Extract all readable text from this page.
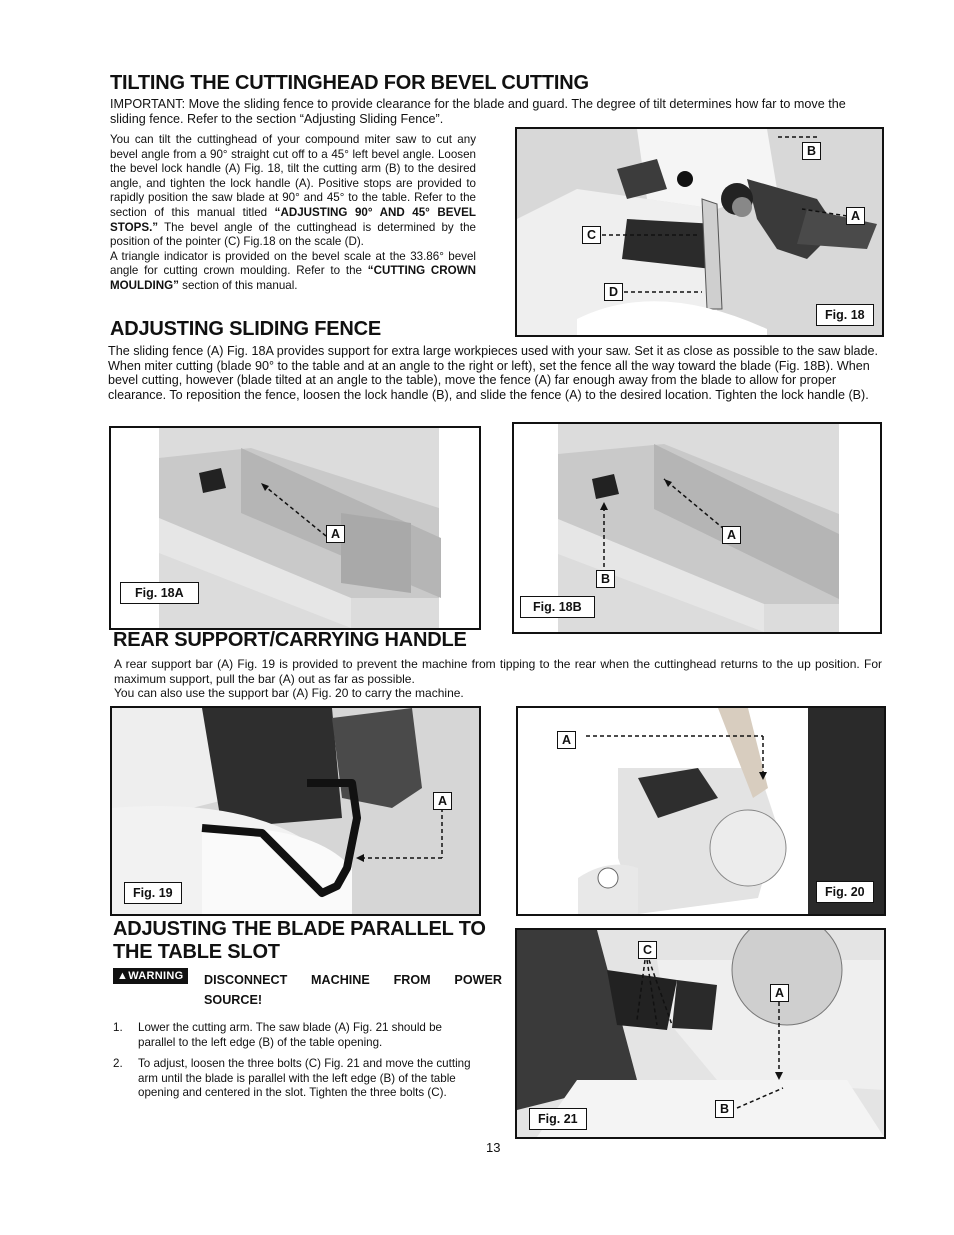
TILTING THE CUTTINGHEAD FOR BEVEL CUTTING

IMPORTANT: Move the sliding fence to provide clearance for the blade and guard. The degree of tilt determines how far to move the sliding fence. Refer to the section “Adjusting Sliding Fence”.

You can tilt the cuttinghead of your compound miter saw to cut any bevel angle from a 90° straight cut off to a 45° left bevel angle. Loosen the bevel lock handle (A) Fig. 18, tilt the cutting arm (B) to the desired angle, and tighten the lock handle (A). Positive stops are provided to rapidly position the saw blade at 90° and 45° to the table. Refer to the section of this manual titled “ADJUSTING 90° AND 45° BEVEL STOPS.” The bevel angle of the cuttinghead is determined by the position of the pointer (C) Fig.18 on the scale (D).
A triangle indicator is provided on the bevel scale at the 33.86° bevel angle for cutting crown moulding. Refer to the “CUTTING CROWN MOULDING” section of this manual.
B
A
C
D
Fig. 18
ADJUSTING SLIDING FENCE

The sliding fence (A) Fig. 18A provides support for extra large workpieces used with your saw. Set it as close as possible to the saw blade. When miter cutting (blade 90° to the table and at an angle to the right or left), set the fence all the way toward the blade (Fig. 18B). When bevel cutting, however (blade tilted at an angle to the table), move the fence (A) far enough away from the blade to allow for proper clearance. To reposition the fence, loosen the lock handle (B), and slide the fence (A) to the desired location. Tighten the lock handle (B).

A
Fig. 18A
A
B
Fig. 18B
REAR SUPPORT/CARRYING HANDLE
A rear support bar (A) Fig. 19 is provided to prevent the machine from tipping to the rear when the cuttinghead returns to the up position. For maximum support, pull the bar (A) out as far as possible.
You can also use the support bar (A) Fig. 20 to carry the machine.
A
Fig. 19
A
Fig. 20
ADJUSTING THE BLADE PARALLEL TO
THE TABLE SLOT
▲WARNING	DISCONNECT MACHINE FROM POWER SOURCE!
1. Lower the cutting arm. The saw blade (A) Fig. 21 should be parallel to the left edge (B) of the table opening.
2. To adjust, loosen the three bolts (C) Fig. 21 and move the cutting arm until the blade is parallel with the left edge (B) of the table opening and centered in the slot. Tighten the three bolts (C).
C
A
B
Fig. 21
13
